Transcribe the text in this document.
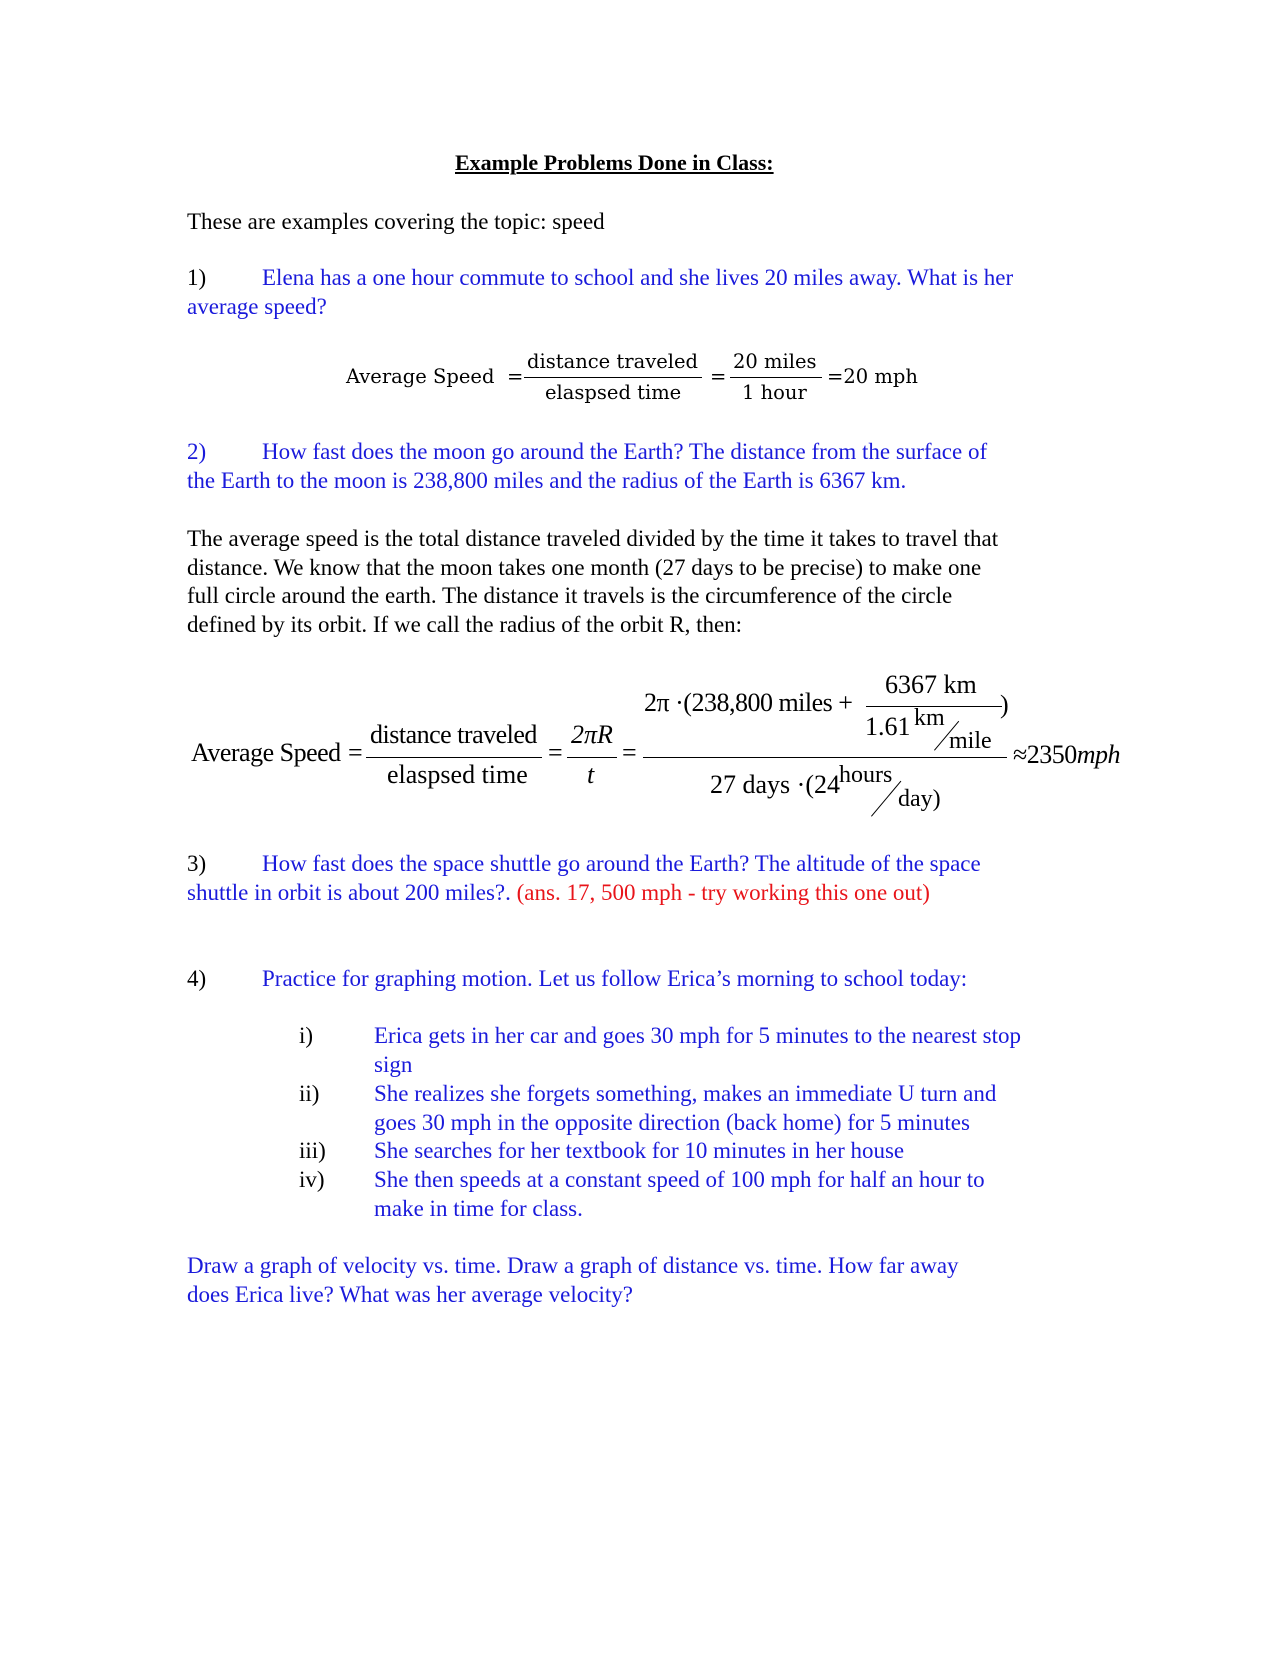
Example Problems Done in Class:
These are examples covering the topic: speed
1) Elena has a one hour commute to school and she lives 20 miles away. What is her
average speed?
Average Speed =
distance traveled
elaspsed time
=
20 miles
1 hour
=20 mph
2) How fast does the moon go around the Earth? The distance from the surface of
the Earth to the moon is 238,800 miles and the radius of the Earth is 6367 km.
The average speed is the total distance traveled divided by the time it takes to travel that
distance. We know that the moon takes one month (27 days to be precise) to make one
full circle around the earth. The distance it travels is the circumference of the circle
defined by its orbit. If we call the radius of the orbit R, then:
Average Speed =
distance traveled
elaspsed time
=
2πR
t
=
2π ·(238,800 miles +
6367 km
1.61 km
mile
)
27 days ·(24 hours
day)
≈2350mph
3) How fast does the space shuttle go around the Earth? The altitude of the space
shuttle in orbit is about 200 miles?. (ans. 17, 500 mph - try working this one out)
4) Practice for graphing motion. Let us follow Erica’s morning to school today:
i)	Erica gets in her car and goes 30 mph for 5 minutes to the nearest stop
sign
ii) She realizes she forgets something, makes an immediate U turn and
goes 30 mph in the opposite direction (back home) for 5 minutes
iii) She searches for her textbook for 10 minutes in her house
iv) She then speeds at a constant speed of 100 mph for half an hour to
make in time for class.
Draw a graph of velocity vs. time. Draw a graph of distance vs. time. How far away
does Erica live? What was her average velocity?
